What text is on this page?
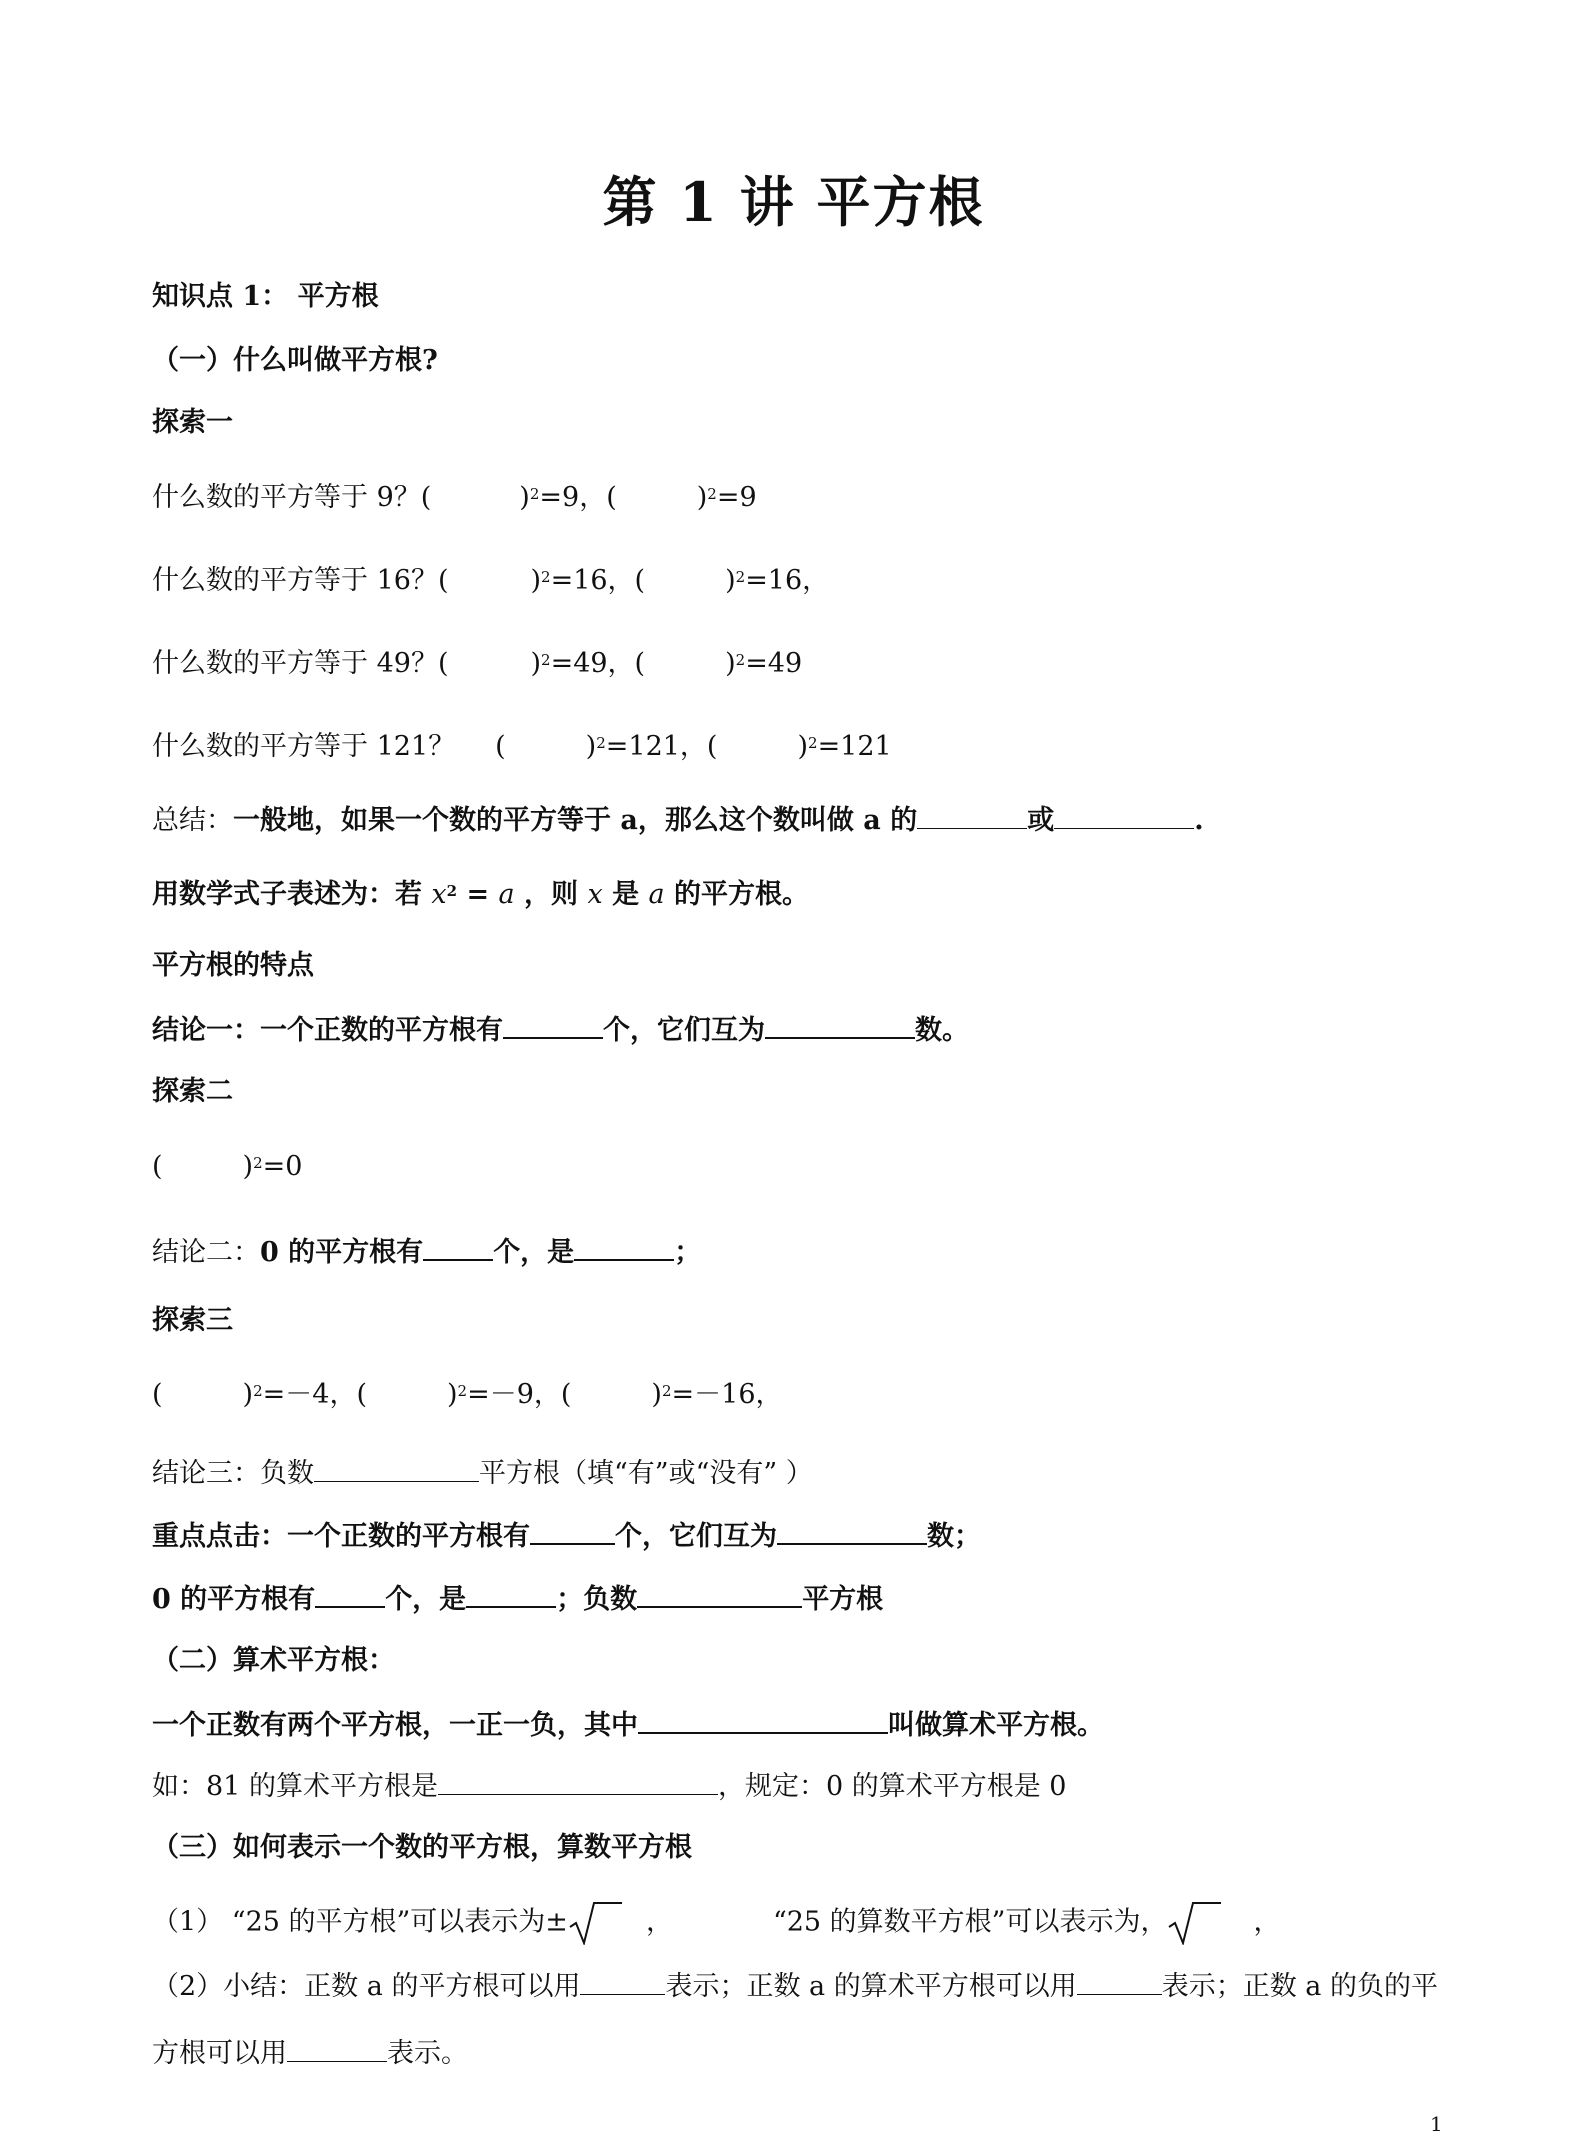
第 1 讲 平方根
知识点 1： 平方根
（一）什么叫做平方根?
探索一
什么数的平方等于 9？(	)$^2$=9，(	)$^2$=9
什么数的平方等于 16？(	)$^2$=16，(	)$^2$=16，
什么数的平方等于 49？(	)$^2$=49，(	)$^2$=49
什么数的平方等于 121？ (	)$^2$=121，(	)$^2$=121
总结：一般地，如果一个数的平方等于 a，那么这个数叫做 a 的	或	.
用数学式子表述为：若 $x^2 = a$ ，则 x 是 a 的平方根。
平方根的特点
结论一：一个正数的平方根有	个，它们互为	数。
探索二
(	)$^2$=0
结论二：0 的平方根有	个，是	；
探索三
(	)$^2$=－4，(	)$^2$=－9，(	)$^2$=－16，
结论三：负数	平方根（填“有”或“没有” ）
重点点击：一个正数的平方根有	个，它们互为	数；
0 的平方根有	个，是	；负数	平方根
（二）算术平方根：
一个正数有两个平方根，一正一负，其中	叫做算术平方根。
如：81 的算术平方根是	，规定：0 的算术平方根是 0
（三）如何表示一个数的平方根，算数平方根
（1） “25 的平方根”可以表示为±	，	“25 的算数平方根”可以表示为，	，
（2）小结：正数 a 的平方根可以用	表示；正数 a 的算术平方根可以用	表示；正数 a 的负的平
方根可以用	表示。
1
